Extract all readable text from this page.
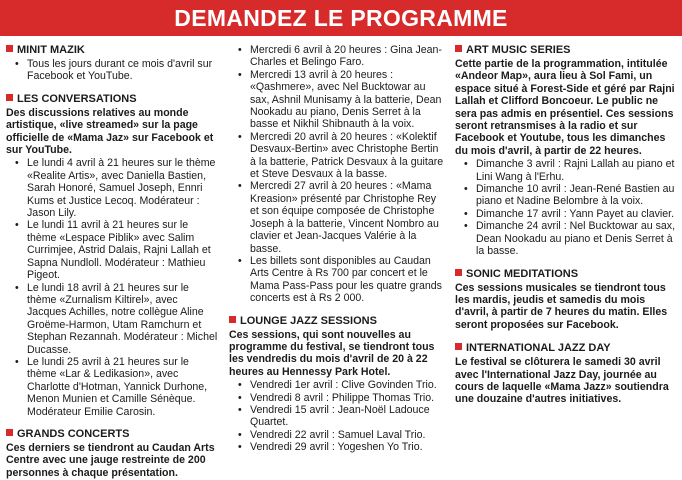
DEMANDEZ LE PROGRAMME
MINIT MAZIK
• Tous les jours durant ce mois d'avril sur Facebook et YouTube.
LES CONVERSATIONS
Des discussions relatives au monde artistique, «live streamed» sur la page officielle de «Mama Jaz» sur Facebook et sur YouTube.
• Le lundi 4 avril à 21 heures sur le thème «Realite Artis», avec Daniella Bastien, Sarah Honoré, Samuel Joseph, Ennri Kums et Justice Lecoq. Modérateur : Jason Lily.
• Le lundi 11 avril à 21 heures sur le thème «Lespace Piblik» avec Salim Currimjee, Astrid Dalais, Rajni Lallah et Sapna Nundloll. Modérateur : Mathieu Pigeot.
• Le lundi 18 avril à 21 heures sur le thème «Zurnalism Kiltirel», avec Jacques Achilles, notre collègue Aline Groëme-Harmon, Utam Ramchurn et Stephan Rezannah. Modérateur : Michel Ducasse.
• Le lundi 25 avril à 21 heures sur le thème «Lar & Ledikasion», avec Charlotte d'Hotman, Yannick Durhone, Menon Munien et Camille Sénèque. Modérateur Emilie Carosin.
GRANDS CONCERTS
Ces derniers se tiendront au Caudan Arts Centre avec une jauge restreinte de 200 personnes à chaque présentation.
• Mercredi 6 avril à 20 heures : Gina Jean-Charles et Belingo Faro.
• Mercredi 13 avril à 20 heures : «Qashmere», avec Nel Bucktowar au sax, Ashnil Munisamy à la batterie, Dean Nookadu au piano, Denis Serret à la basse et Nikhil Shibnauth à la voix.
• Mercredi 20 avril à 20 heures : «Kolektif Desvaux-Bertin» avec Christophe Bertin à la batterie, Patrick Desvaux à la guitare et Steve Desvaux à la basse.
• Mercredi 27 avril à 20 heures : «Mama Kreasion» présenté par Christophe Rey et son équipe composée de Christophe Joseph à la batterie, Vincent Nombro au clavier et Jean-Jacques Valérie à la basse.
• Les billets sont disponibles au Caudan Arts Centre à Rs 700 par concert et le Mama Pass-Pass pour les quatre grands concerts est à Rs 2 000.
LOUNGE JAZZ SESSIONS
Ces sessions, qui sont nouvelles au programme du festival, se tiendront tous les vendredis du mois d'avril de 20 à 22 heures au Hennessy Park Hotel.
• Vendredi 1er avril : Clive Govinden Trio.
• Vendredi 8 avril : Philippe Thomas Trio.
• Vendredi 15 avril : Jean-Noël Ladouce Quartet.
• Vendredi 22 avril : Samuel Laval Trio.
• Vendredi 29 avril : Yogeshen Yo Trio.
ART MUSIC SERIES
Cette partie de la programmation, intitulée «Andeor Map», aura lieu à Sol Fami, un espace situé à Forest-Side et géré par Rajni Lallah et Clifford Boncoeur. Le public ne sera pas admis en présentiel. Ces sessions seront retransmises à la radio et sur Facebook et Youtube, tous les dimanches du mois d'avril, à partir de 22 heures.
• Dimanche 3 avril : Rajni Lallah au piano et Lini Wang à l'Erhu.
• Dimanche 10 avril : Jean-René Bastien au piano et Nadine Belombre à la voix.
• Dimanche 17 avril : Yann Payet au clavier.
• Dimanche 24 avril : Nel Bucktowar au sax, Dean Nookadu au piano et Denis Serret à la basse.
SONIC MEDITATIONS
Ces sessions musicales se tiendront tous les mardis, jeudis et samedis du mois d'avril, à partir de 7 heures du matin. Elles seront proposées sur Facebook.
INTERNATIONAL JAZZ DAY
Le festival se clôturera le samedi 30 avril avec l'International Jazz Day, journée au cours de laquelle «Mama Jazz» soutiendra une douzaine d'autres initiatives.
